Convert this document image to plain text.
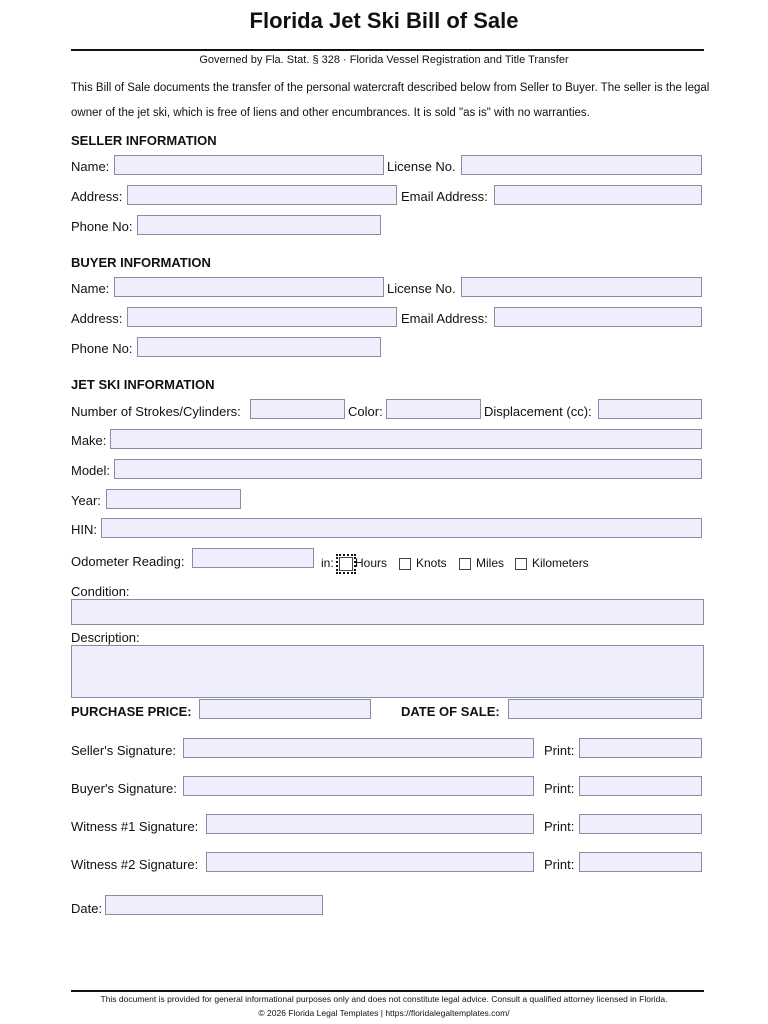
Florida Jet Ski Bill of Sale
Governed by Fla. Stat. § 328 · Florida Vessel Registration and Title Transfer
This Bill of Sale documents the transfer of the personal watercraft described below from Seller to Buyer. The seller is the legal owner of the jet ski, which is free of liens and other encumbrances. It is sold "as is" with no warranties.
SELLER INFORMATION
Name:	License No.
Address:	Email Address:
Phone No:
BUYER INFORMATION
Name:	License No.
Address:	Email Address:
Phone No:
JET SKI INFORMATION
Number of Strokes/Cylinders:	Color:	Displacement (cc):
Make:
Model:
Year:
HIN:
Odometer Reading:	in: Hours Knots Miles Kilometers
Condition:
Description:
PURCHASE PRICE:	DATE OF SALE:
Seller's Signature:	Print:
Buyer's Signature:	Print:
Witness #1 Signature:	Print:
Witness #2 Signature:	Print:
Date:
This document is provided for general informational purposes only and does not constitute legal advice. Consult a qualified attorney licensed in Florida.
© 2026 Florida Legal Templates | https://floridalegaltemplates.com/
